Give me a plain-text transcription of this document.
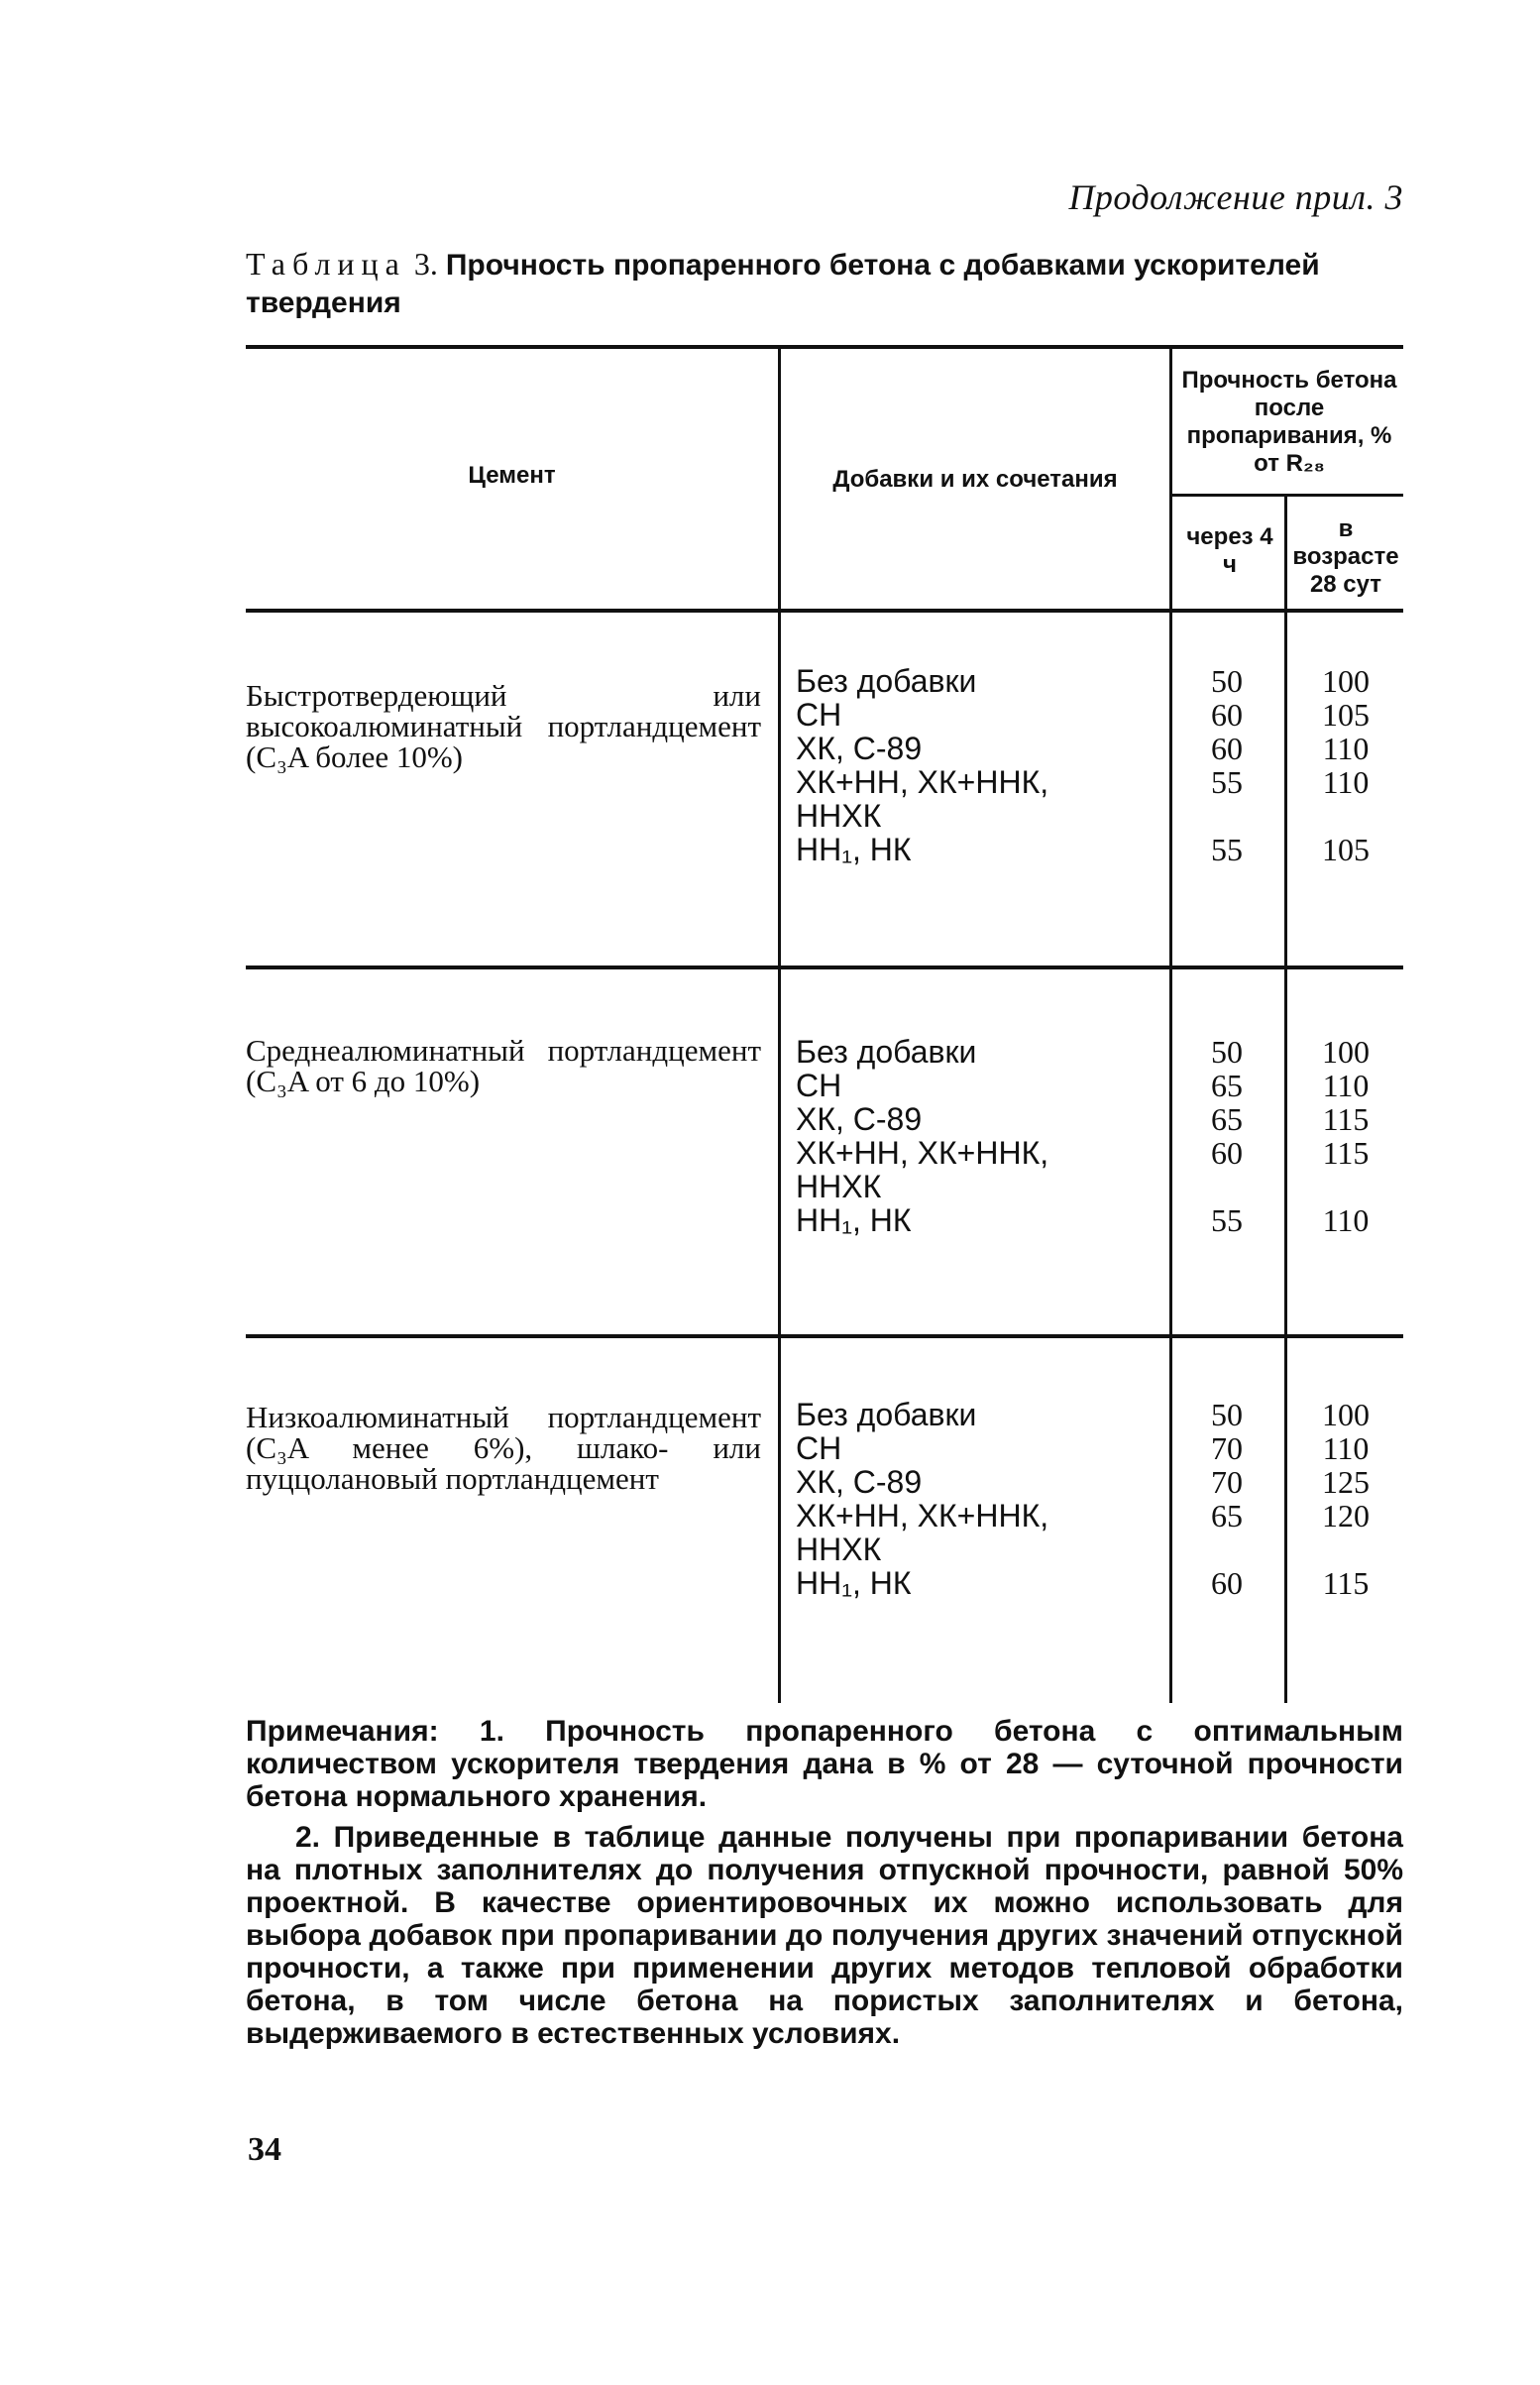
Продолжение прил. 3
Таблица 3. Прочность пропаренного бетона с добавками ускорителей твердения
Цемент	Добавки и их сочетания
Прочность бетона после пропаривания, % от R₂₈
через 4 ч
в возрасте 28 сут
Быстротвердеющий или высокоалюминатный портландцемент (C₃A более 10%)
Без добавки
СН
ХК, С-89
ХК+НН, ХК+ННК,
ННХК
НН₁, НК
50
60
60
55
55
100
105
110
110
105
Среднеалюминатный портландцемент (C₃A от 6 до 10%)
Без добавки
СН
ХК, С-89
ХК+НН, ХК+ННК,
ННХК
НН₁, НК
50
65
65
60
55
100
110
115
115
110
Низкоалюминатный портландцемент (C₃A менее 6%), шлако- или пуццолановый портландцемент
Без добавки
СН
ХК, С-89
ХК+НН, ХК+ННК,
ННХК
НН₁, НК
50
70
70
65
60
100
110
125
120
115

Примечания: 1. Прочность пропаренного бетона с оптимальным количеством ускорителя твердения дана в % от 28 — суточной прочности бетона нормального хранения.

2. Приведенные в таблице данные получены при пропаривании бетона на плотных заполнителях до получения отпускной прочности, равной 50% проектной. В качестве ориентировочных их можно использовать для выбора добавок при пропаривании до получения других значений отпускной прочности, а также при применении других методов тепловой обработки бетона, в том числе бетона на пористых заполнителях и бетона, выдерживаемого в естественных условиях.

34
